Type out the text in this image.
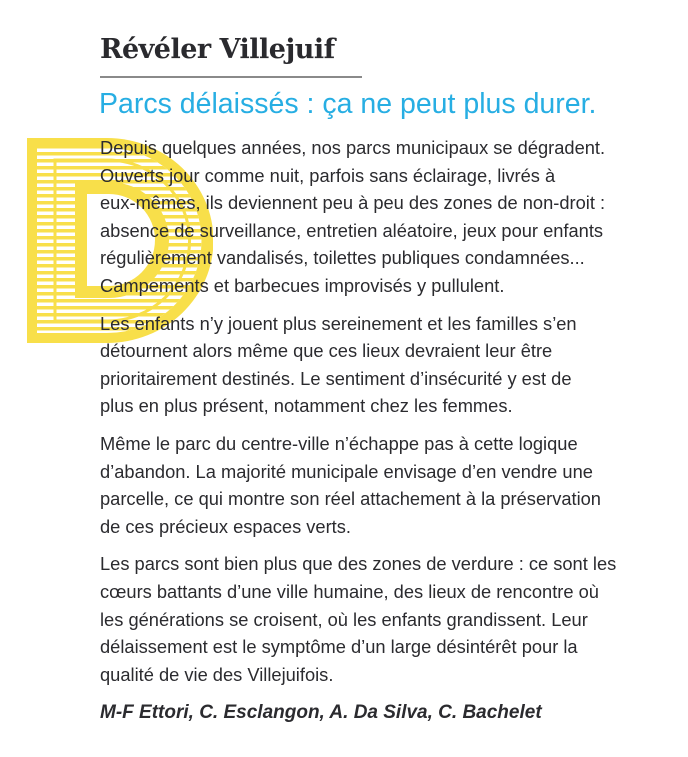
Révéler Villejuif
Parcs délaissés : ça ne peut plus durer.

Depuis quelques années, nos parcs municipaux se dégradent.
Ouverts jour comme nuit, parfois sans éclairage, livrés à
eux-mêmes, ils deviennent peu à peu des zones de non-droit :
absence de surveillance, entretien aléatoire, jeux pour enfants
régulièrement vandalisés, toilettes publiques condamnées...
Campements et barbecues improvisés y pullulent.

Les enfants n’y jouent plus sereinement et les familles s’en
détournent alors même que ces lieux devraient leur être
prioritairement destinés. Le sentiment d’insécurité y est de
plus en plus présent, notamment chez les femmes.

Même le parc du centre-ville n’échappe pas à cette logique
d’abandon. La majorité municipale envisage d’en vendre une
parcelle, ce qui montre son réel attachement à la préservation
de ces précieux espaces verts.

Les parcs sont bien plus que des zones de verdure : ce sont les
cœurs battants d’une ville humaine, des lieux de rencontre où
les générations se croisent, où les enfants grandissent. Leur
délaissement est le symptôme d’un large désintérêt pour la
qualité de vie des Villejuifois.

M-F Ettori, C. Esclangon, A. Da Silva, C. Bachelet
